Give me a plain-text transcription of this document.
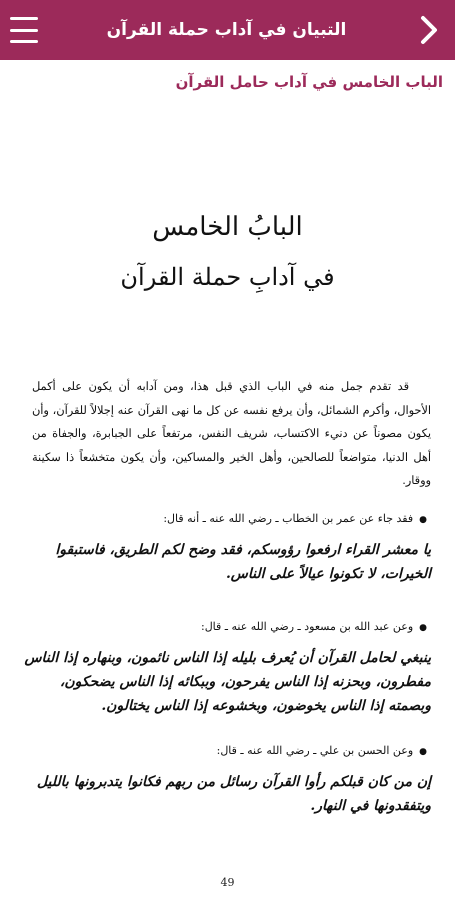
التبيان في آداب حملة القرآن
الباب الخامس في آداب حامل القرآن
البابُ الخامس
في آدابِ حملة القرآن

قد تقدم جمل منه في الباب الذي قبل هذا، ومن آدابه أن يكون على أكمل الأحوال، وأكرم الشمائل، وأن يرفع نفسه عن كل ما نهى القرآن عنه إجلالاً للقرآن، وأن يكون مصوناً عن دنيء الاكتساب، شريف النفس، مرتفعاً على الجبابرة، والجفاة من أهل الدنيا، متواضعاً للصالحين، وأهل الخير والمساكين، وأن يكون متخشعاً ذا سكينة ووقار.

●فقد جاء عن عمر بن الخطاب ـ رضي الله عنه ـ أنه قال:
يا معشر القراء ارفعوا رؤوسكم، فقد وضح لكم الطريق، فاستبقوا الخيرات، لا تكونوا عيالاً على الناس.
●وعن عبد الله بن مسعود ـ رضي الله عنه ـ قال:
ينبغي لحامل القرآن أن يُعرف بليله إذا الناس نائمون، وبنهاره إذا الناس مفطرون، وبحزنه إذا الناس يفرحون، وببكائه إذا الناس يضحكون، وبصمته إذا الناس يخوضون، وبخشوعه إذا الناس يختالون.
●وعن الحسن بن علي ـ رضي الله عنه ـ قال:
إن من كان قبلكم رأوا القرآن رسائل من ربهم فكانوا يتدبرونها بالليل ويتفقدونها في النهار.
49
